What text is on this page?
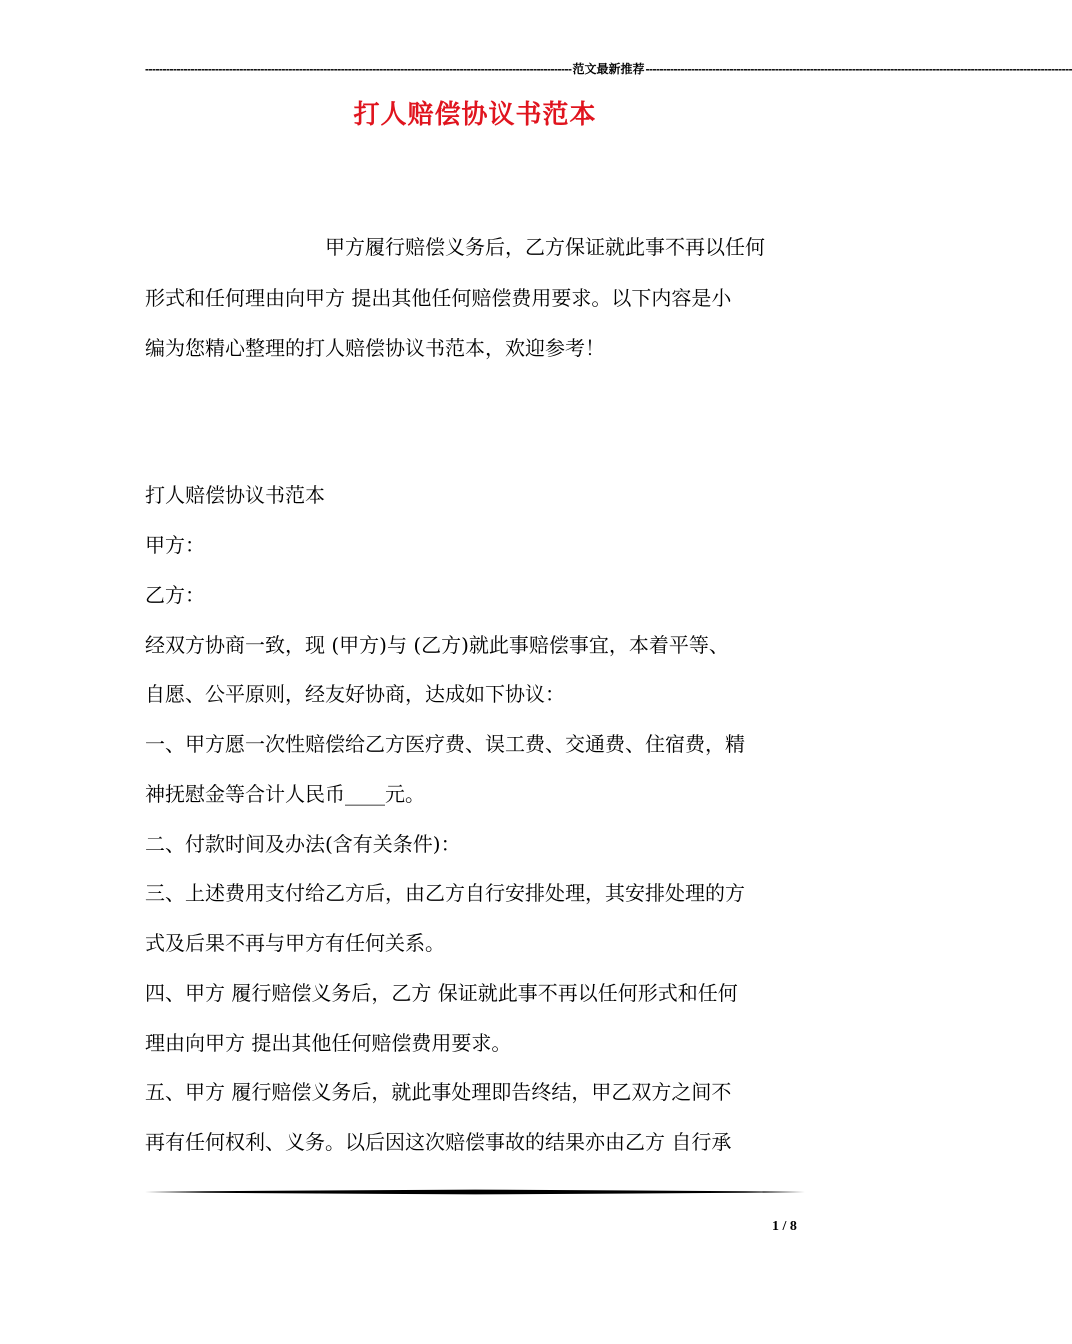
-------------------------------------------------------------------------------------------------------------------------- 范文最新推荐 --------------------------------------------------------------------------------------------------------------------------
打人赔偿协议书范本
甲方履行赔偿义务后，乙方保证就此事不再以任何
形式和任何理由向甲方 提出其他任何赔偿费用要求。以下内容是小
编为您精心整理的打人赔偿协议书范本，欢迎参考！
打人赔偿协议书范本
甲方：
乙方：
经双方协商一致，现 (甲方)与 (乙方)就此事赔偿事宜，本着平等、
自愿、公平原则，经友好协商，达成如下协议：
一、甲方愿一次性赔偿给乙方医疗费、误工费、交通费、住宿费，精
神抚慰金等合计人民币____元。
二、付款时间及办法(含有关条件)：
三、上述费用支付给乙方后，由乙方自行安排处理，其安排处理的方
式及后果不再与甲方有任何关系。
四、甲方 履行赔偿义务后，乙方 保证就此事不再以任何形式和任何
理由向甲方 提出其他任何赔偿费用要求。
五、甲方 履行赔偿义务后，就此事处理即告终结，甲乙双方之间不
再有任何权利、义务。以后因这次赔偿事故的结果亦由乙方 自行承
1 / 8
